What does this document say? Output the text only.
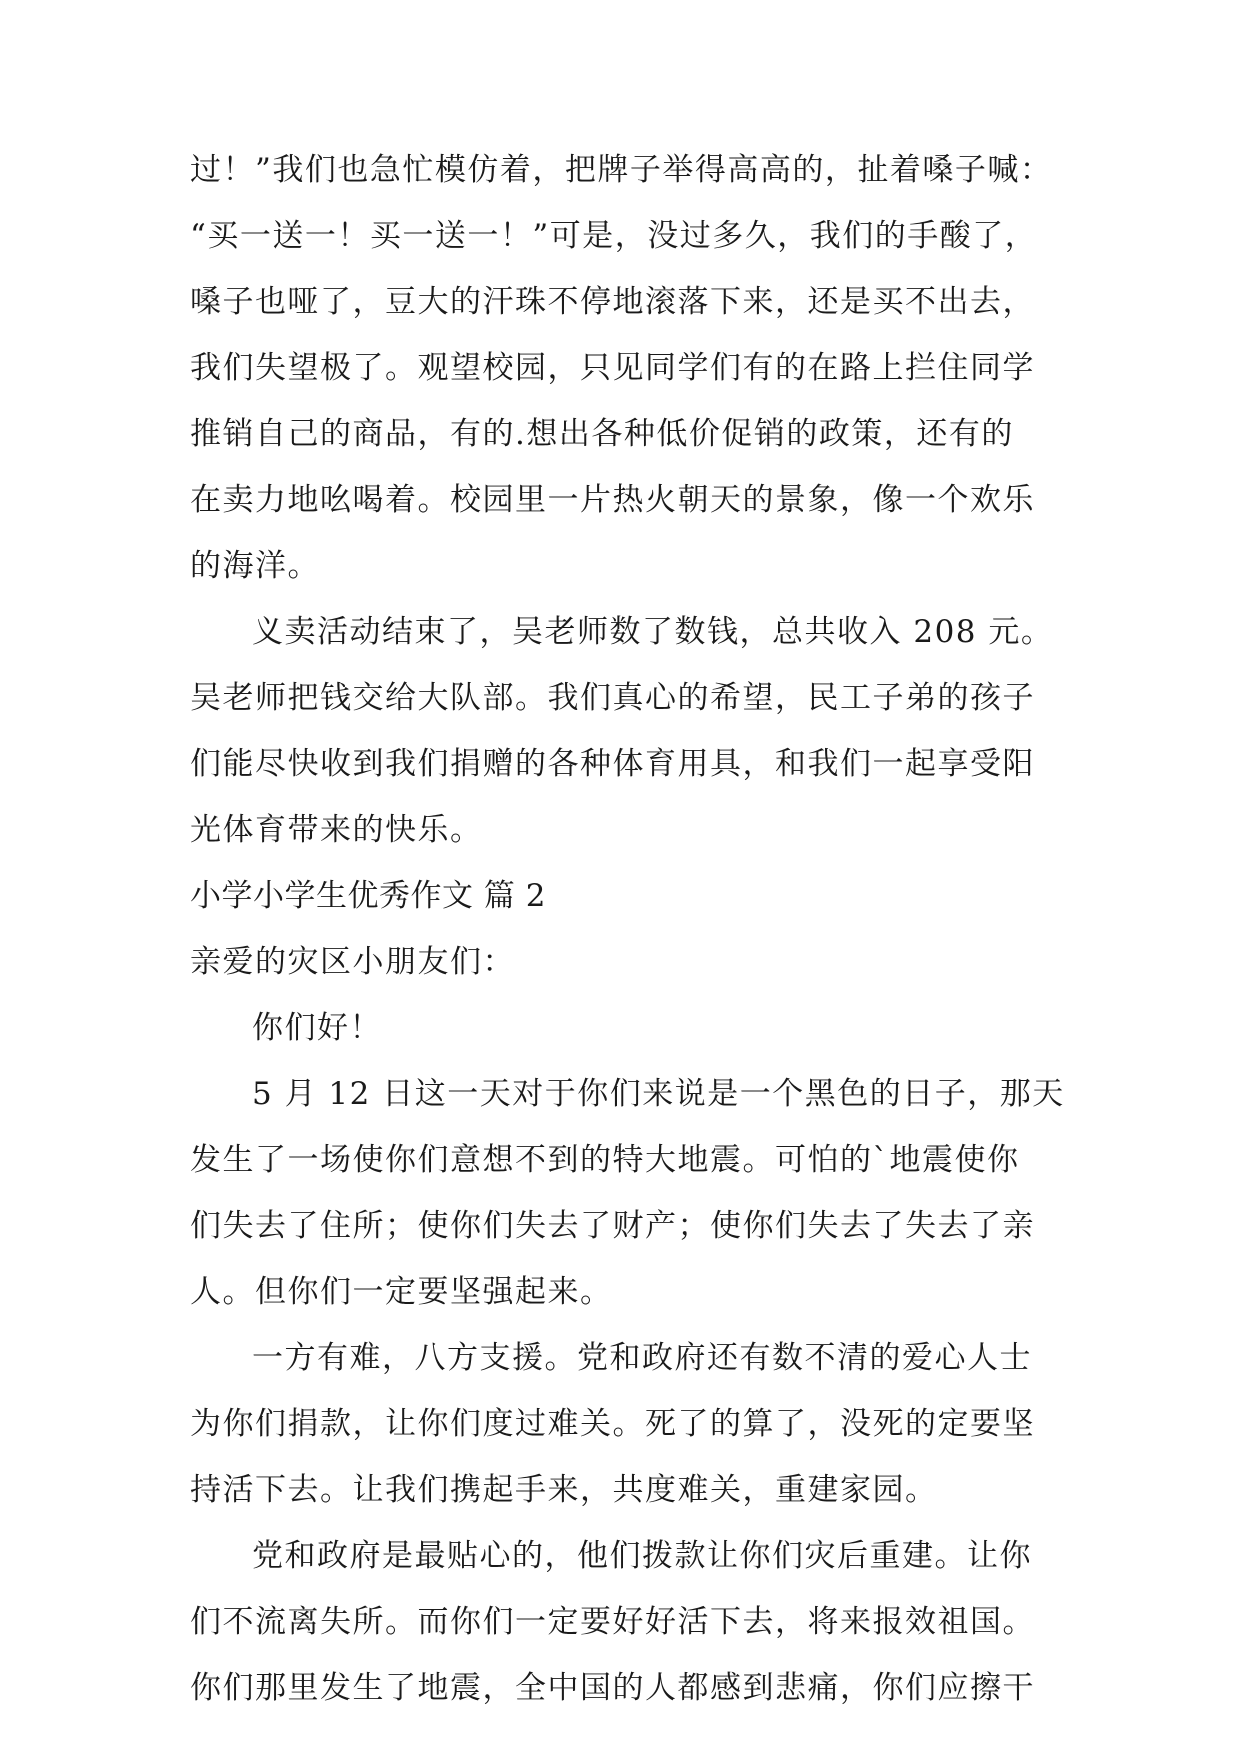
过！”我们也急忙模仿着，把牌子举得高高的，扯着嗓子喊：
“买一送一！买一送一！”可是，没过多久，我们的手酸了，
嗓子也哑了，豆大的汗珠不停地滚落下来，还是买不出去，
我们失望极了。观望校园，只见同学们有的在路上拦住同学
推销自己的商品，有的.想出各种低价促销的政策，还有的
在卖力地吆喝着。校园里一片热火朝天的景象，像一个欢乐
的海洋。
义卖活动结束了，吴老师数了数钱，总共收入 208 元。
吴老师把钱交给大队部。我们真心的希望，民工子弟的孩子
们能尽快收到我们捐赠的各种体育用具，和我们一起享受阳
光体育带来的快乐。
小学小学生优秀作文 篇 2
亲爱的灾区小朋友们：
你们好！
5 月 12 日这一天对于你们来说是一个黑色的日子，那天
发生了一场使你们意想不到的特大地震。可怕的`地震使你
们失去了住所；使你们失去了财产；使你们失去了失去了亲
人。但你们一定要坚强起来。
一方有难，八方支援。党和政府还有数不清的爱心人士
为你们捐款，让你们度过难关。死了的算了，没死的定要坚
持活下去。让我们携起手来，共度难关，重建家园。
党和政府是最贴心的，他们拨款让你们灾后重建。让你
们不流离失所。而你们一定要好好活下去，将来报效祖国。
你们那里发生了地震，全中国的人都感到悲痛，你们应擦干
